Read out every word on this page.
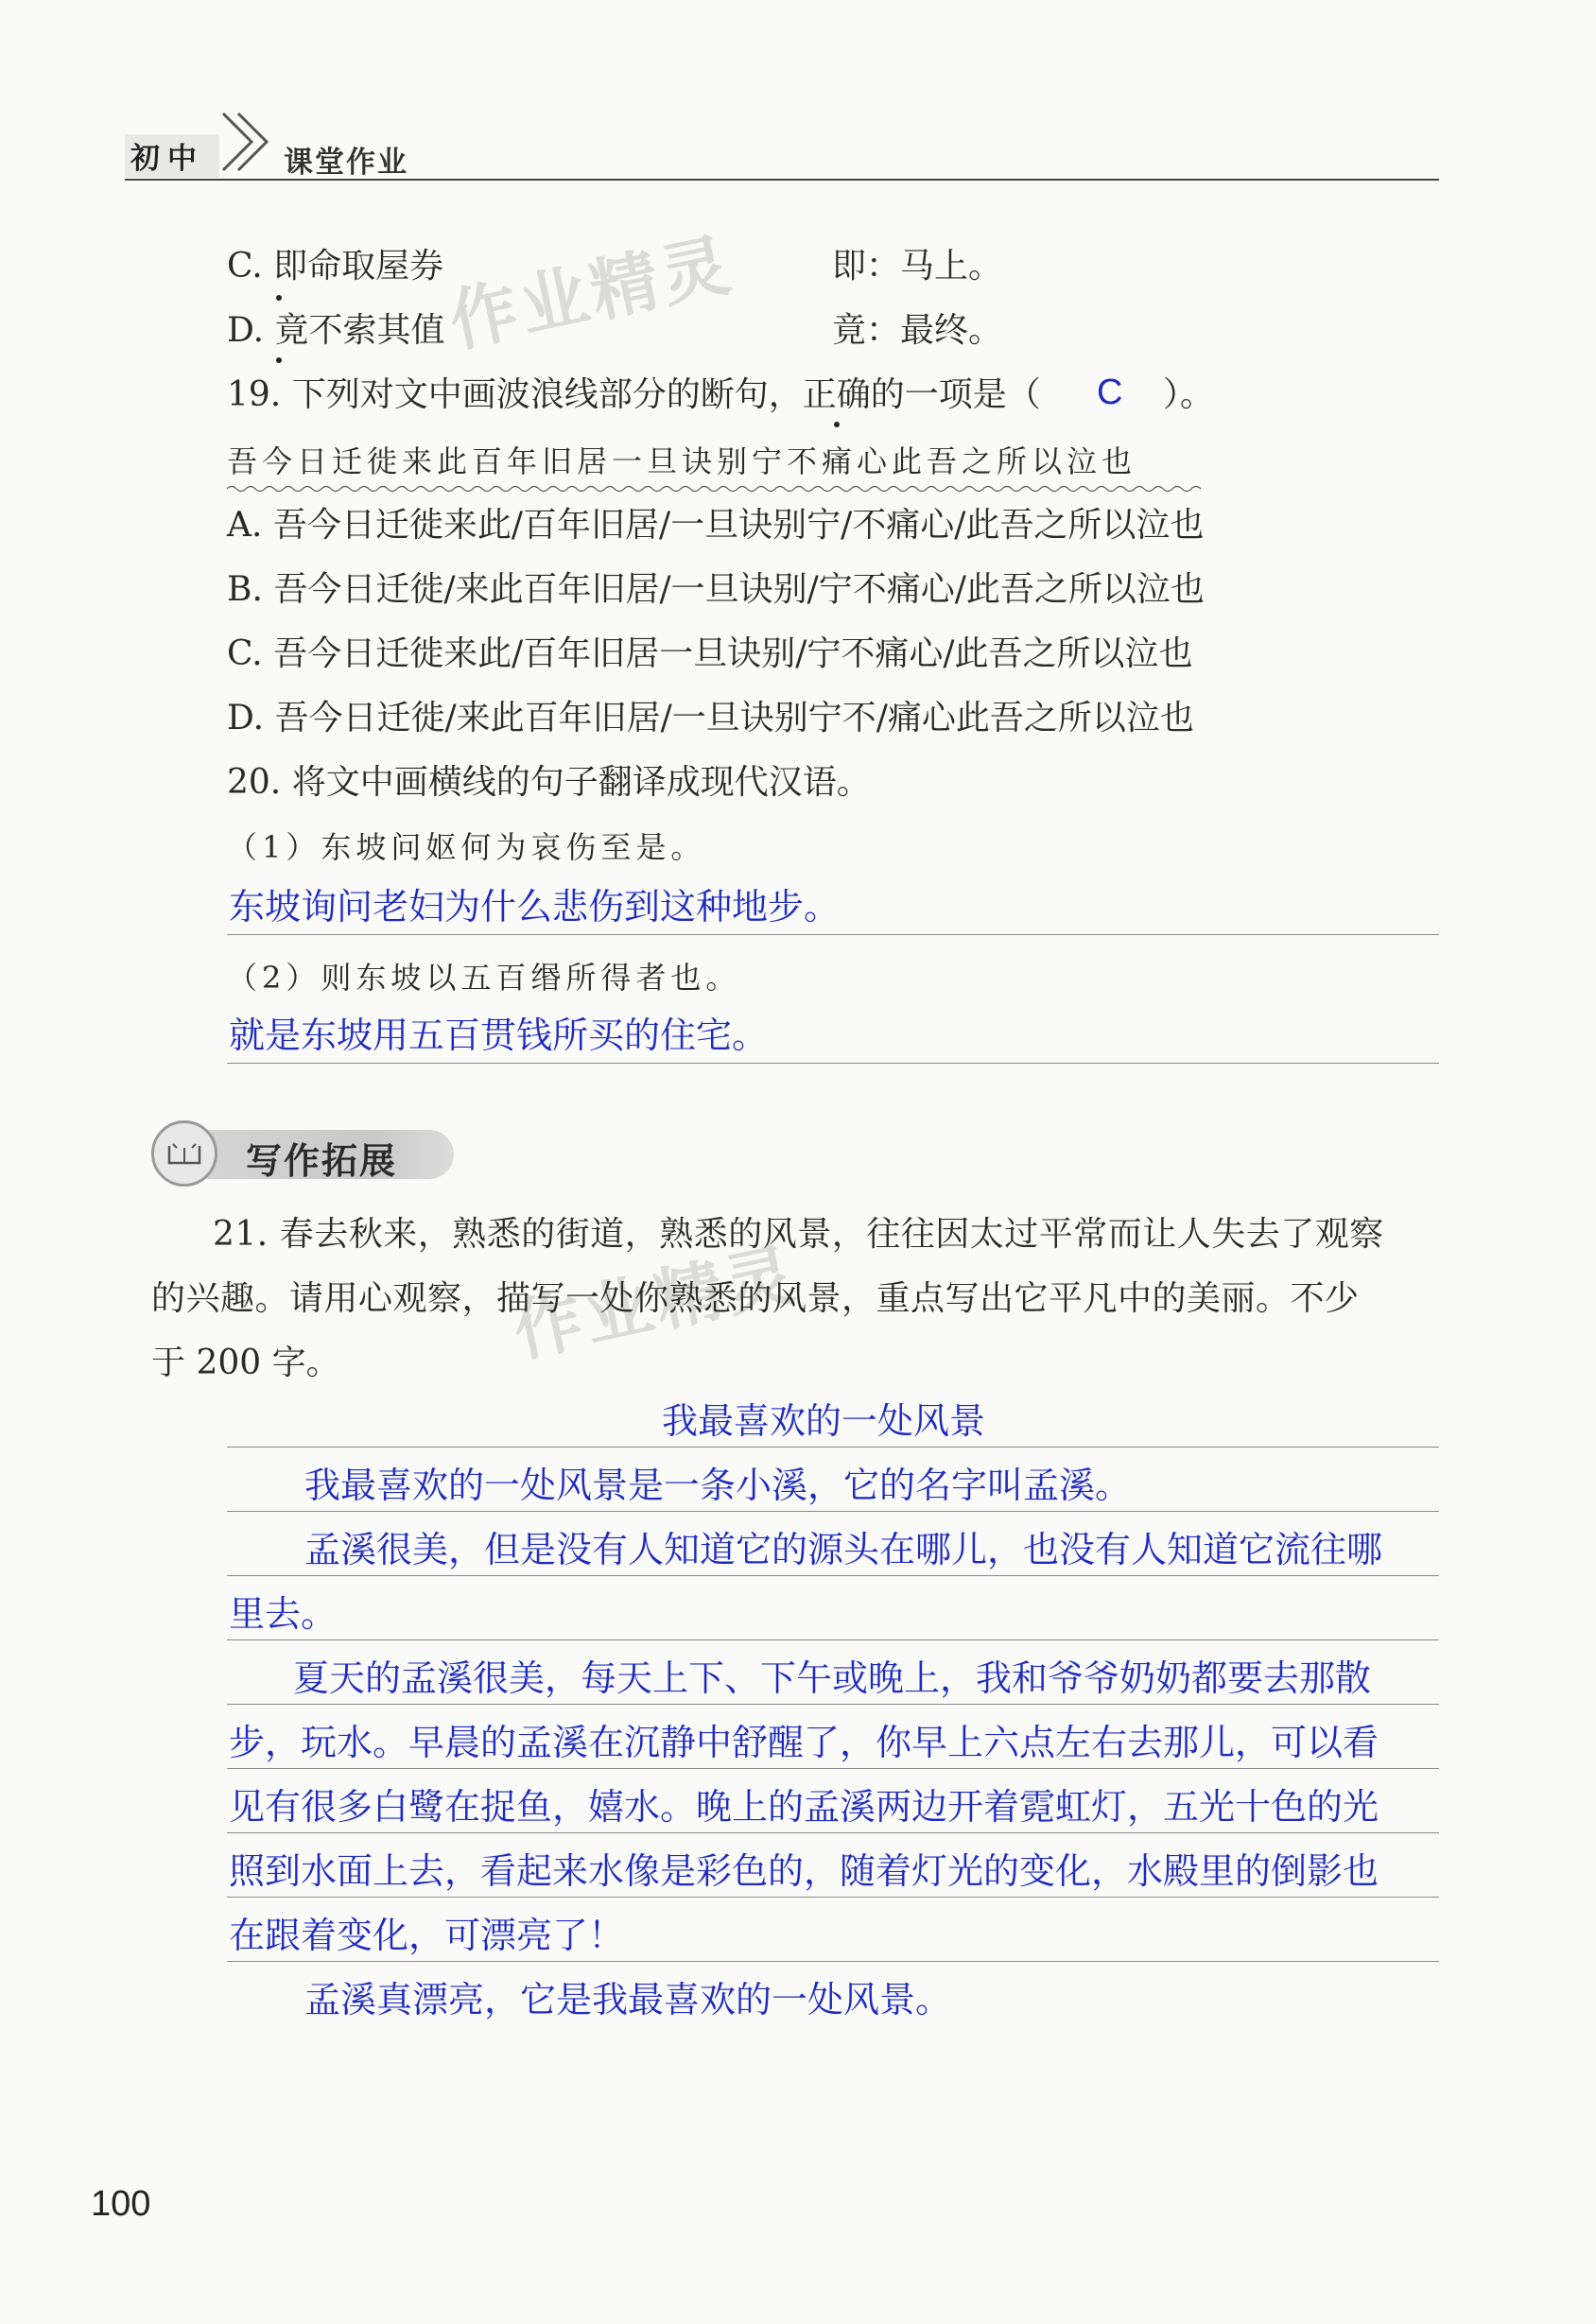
初中	课堂作业
作业精灵
作业精灵
C. 即命取屋券	即：马上。
D. 竟不索其值	竟：最终。
19. 下列对文中画波浪线部分的断句，正确的一项是（ C ）。
吾今日迁徙来此百年旧居一旦诀别宁不痛心此吾之所以泣也
A. 吾今日迁徙来此/百年旧居/一旦诀别宁/不痛心/此吾之所以泣也
B. 吾今日迁徙/来此百年旧居/一旦诀别/宁不痛心/此吾之所以泣也
C. 吾今日迁徙来此/百年旧居一旦诀别/宁不痛心/此吾之所以泣也
D. 吾今日迁徙/来此百年旧居/一旦诀别宁不/痛心此吾之所以泣也
20. 将文中画横线的句子翻译成现代汉语。
（1）东坡问妪何为哀伤至是。
东坡询问老妇为什么悲伤到这种地步。
（2）则东坡以五百缗所得者也。
就是东坡用五百贯钱所买的住宅。
写作拓展
21. 春去秋来，熟悉的街道，熟悉的风景，往往因太过平常而让人失去了观察
的兴趣。请用心观察，描写一处你熟悉的风景，重点写出它平凡中的美丽。不少
于 200 字。
我最喜欢的一处风景
我最喜欢的一处风景是一条小溪，它的名字叫孟溪。
孟溪很美，但是没有人知道它的源头在哪儿，也没有人知道它流往哪
里去。
夏天的孟溪很美，每天上下、下午或晚上，我和爷爷奶奶都要去那散
步，玩水。早晨的孟溪在沉静中舒醒了，你早上六点左右去那儿，可以看
见有很多白鹭在捉鱼，嬉水。晚上的孟溪两边开着霓虹灯，五光十色的光
照到水面上去，看起来水像是彩色的，随着灯光的变化，水殿里的倒影也
在跟着变化，可漂亮了！
孟溪真漂亮，它是我最喜欢的一处风景。
100
